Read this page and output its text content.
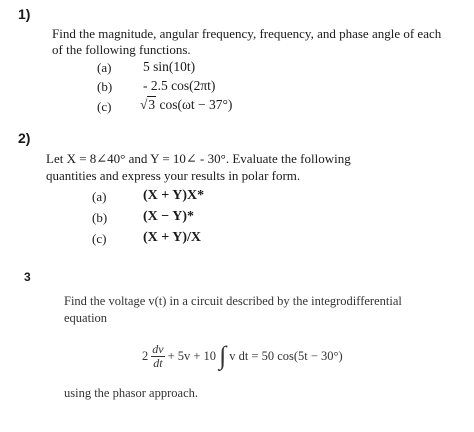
1)
Find the magnitude, angular frequency, frequency, and phase angle of each
of the following functions.
(a) 5 sin(10t)
(b) - 2.5 cos(2πt)
(c) √3 cos(ωt − 37°)
2)
Let X = 8∠40° and Y = 10∠ - 30°. Evaluate the following
quantities and express your results in polar form.
(a)	(X + Y)X*
(b)	(X − Y)*
(c)	(X + Y)/X
3
Find the voltage v(t) in a circuit described by the integrodifferential
equation
$2 \frac{dv}{dt} + 5v + 10$ ∫ v dt = 50 cos(5t − 30°)
using the phasor approach.
